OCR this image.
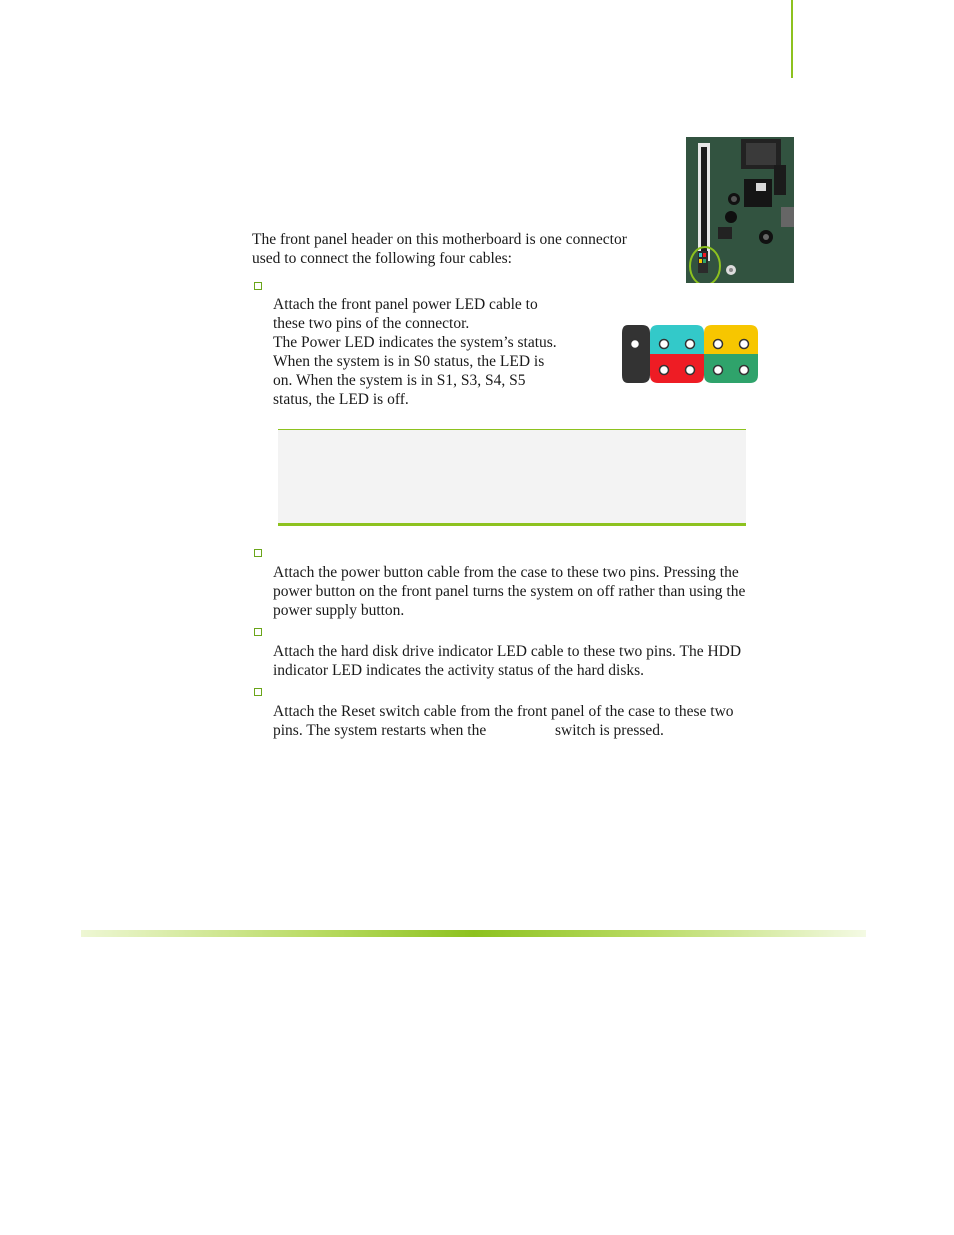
The front panel header on this motherboard is one connector
used to connect the following four cables:
Attach the front panel power LED cable to
these two pins of the connector.
The Power LED indicates the system’s status.
When the system is in S0 status, the LED is
on. When the system is in S1, S3, S4, S5
status, the LED is off.
Attach the power button cable from the case to these two pins. Pressing the
power button on the front panel turns the system on off rather than using the
power supply button.
Attach the hard disk drive indicator LED cable to these two pins. The HDD
indicator LED indicates the activity status of the hard disks.
Attach the Reset switch cable from the front panel of the case to these two
pins. The system restarts when the	switch is pressed.
